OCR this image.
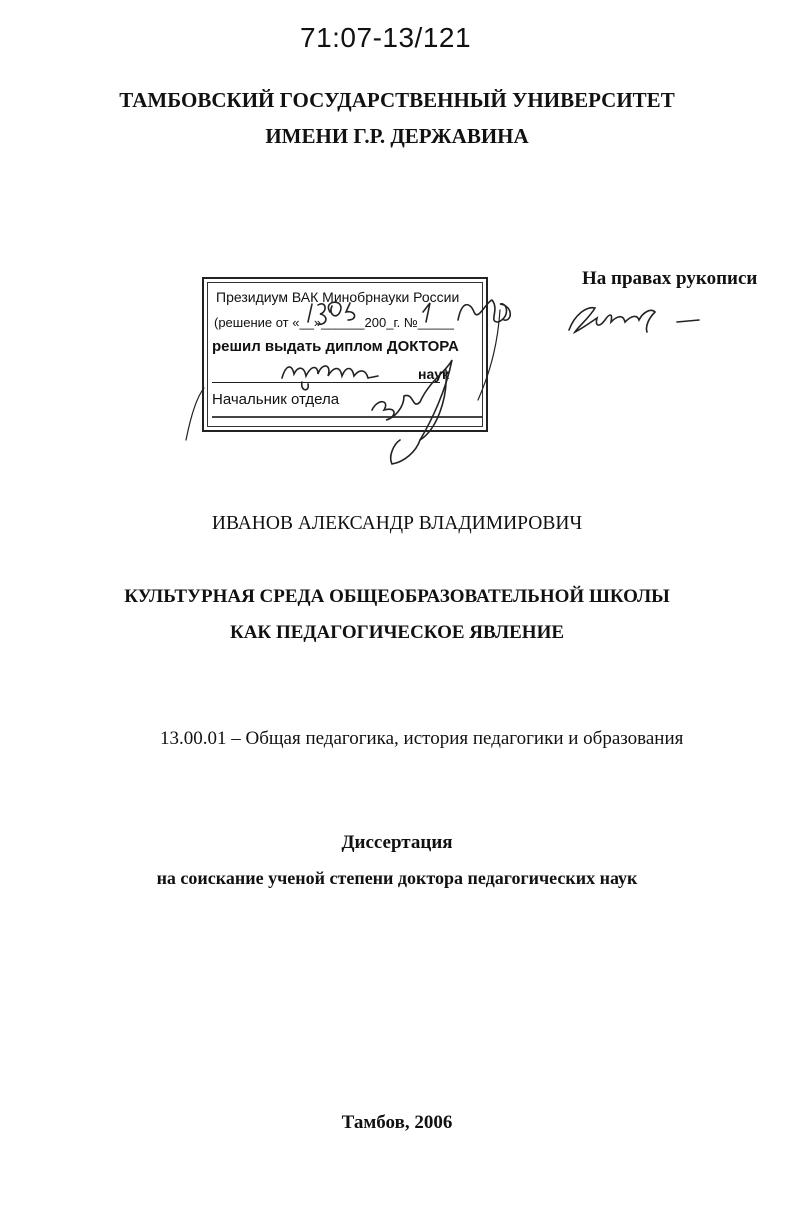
71:07-13/121
ТАМБОВСКИЙ ГОСУДАРСТВЕННЫЙ УНИВЕРСИТЕТ
ИМЕНИ Г.Р. ДЕРЖАВИНА
Президиум ВАК Минобрнауки России
(решение от «__»______200_г. №_____
решил выдать диплом ДОКТОРА
наук
Начальник отдела
На правах рукописи
ИВАНОВ АЛЕКСАНДР ВЛАДИМИРОВИЧ
КУЛЬТУРНАЯ СРЕДА ОБЩЕОБРАЗОВАТЕЛЬНОЙ ШКОЛЫ
КАК ПЕДАГОГИЧЕСКОЕ ЯВЛЕНИЕ
13.00.01 – Общая педагогика, история педагогики и образования
Диссертация
на соискание ученой степени доктора педагогических наук
Тамбов, 2006
